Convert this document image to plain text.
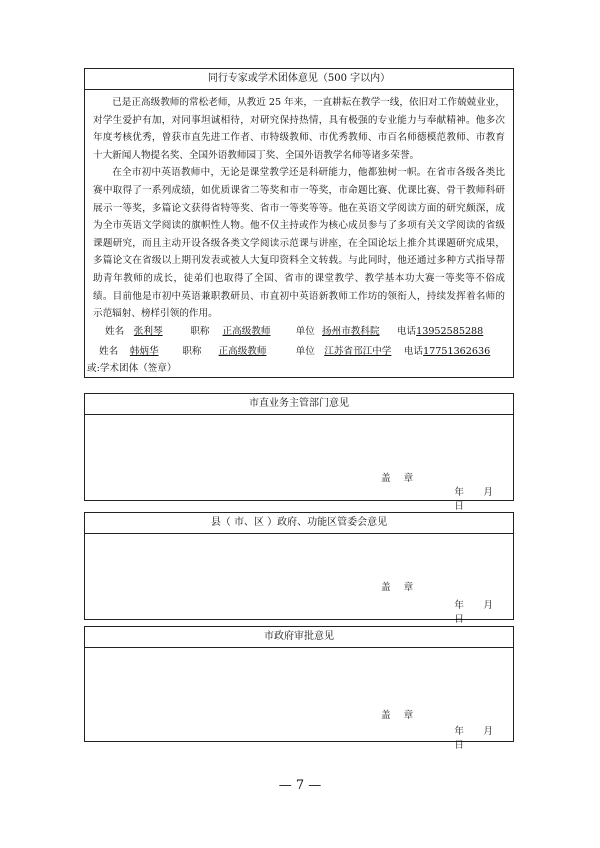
同行专家或学术团体意见（500 字以内）

已是正高级教师的常松老师，从教近 25 年来，一直耕耘在教学一线，依旧对工作兢兢业业，对学生爱护有加，对同事坦诚相待，对研究保持热情，具有极强的专业能力与奉献精神。他多次年度考核优秀，曾获市直先进工作者、市特级教师、市优秀教师、市百名师德模范教师、市教育十大新闻人物提名奖、全国外语教师园丁奖、全国外语教学名师等诸多荣誉。

在全市初中英语教师中，无论是课堂教学还是科研能力，他都独树一帜。在省市各级各类比赛中取得了一系列成绩，如优质课省二等奖和市一等奖，市命题比赛、优课比赛、骨干教师科研展示一等奖，多篇论文获得省特等奖、省市一等奖等等。他在英语文学阅读方面的研究颇深，成为全市英语文学阅读的旗帜性人物。他不仅主持或作为核心成员参与了多项有关文学阅读的省级课题研究，而且主动开设各级各类文学阅读示范课与讲座，在全国论坛上推介其课题研究成果，多篇论文在省级以上期刊发表或被人大复印资料全文转载。与此同时，他还通过多种方式指导帮助青年教师的成长，徒弟们也取得了全国、省市的课堂教学、教学基本功大赛一等奖等不俗成绩。目前他是市初中英语兼职教研员、市直初中英语新教师工作坊的领衔人，持续发挥着名师的示范辐射、榜样引领的作用。

姓名 张利琴	职称 正高级教师	单位 扬州市教科院 电话13952585288
姓名 韩炳华 职称 正高级教师	单位 江苏省邗江中学 电话17751362636
或:学术团体（签章）
市直业务主管部门意见
盖章
年 月日
县（ 市、区 ）政府、功能区管委会意见
盖章
年 月日
市政府审批意见
盖章
年 月日
— 7 —
